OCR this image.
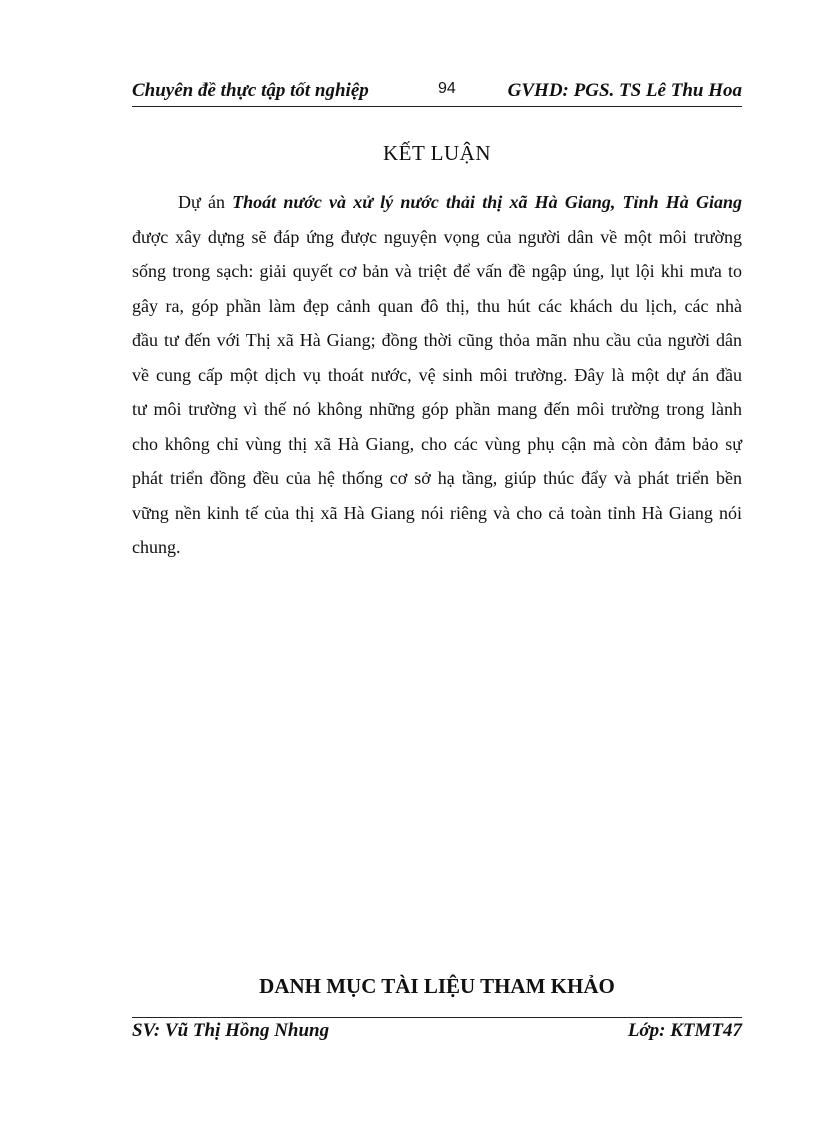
Chuyên đề thực tập tốt nghiệp	94	GVHD: PGS. TS Lê Thu Hoa
KẾT LUẬN
Dự án Thoát nước và xử lý nước thải thị xã Hà Giang, Tỉnh Hà Giang
được xây dựng sẽ đáp ứng được nguyện vọng của người dân về một môi trường
sống trong sạch: giải quyết cơ bản và triệt để vấn đề ngập úng, lụt lội khi mưa to
gây ra, góp phần làm đẹp cảnh quan đô thị, thu hút các khách du lịch, các nhà
đầu tư đến với Thị xã Hà Giang; đồng thời cũng thỏa mãn nhu cầu của người dân
về cung cấp một dịch vụ thoát nước, vệ sinh môi trường. Đây là một dự án đầu
tư môi trường vì thế nó không những góp phần mang đến môi trường trong lành
cho không chỉ vùng thị xã Hà Giang, cho các vùng phụ cận mà còn đảm bảo sự
phát triển đồng đều của hệ thống cơ sở hạ tầng, giúp thúc đẩy và phát triển bền
vững nền kinh tế của thị xã Hà Giang nói riêng và cho cả toàn tỉnh Hà Giang nói
chung.
DANH MỤC TÀI LIỆU THAM KHẢO
SV: Vũ Thị Hồng Nhung	Lớp: KTMT47
